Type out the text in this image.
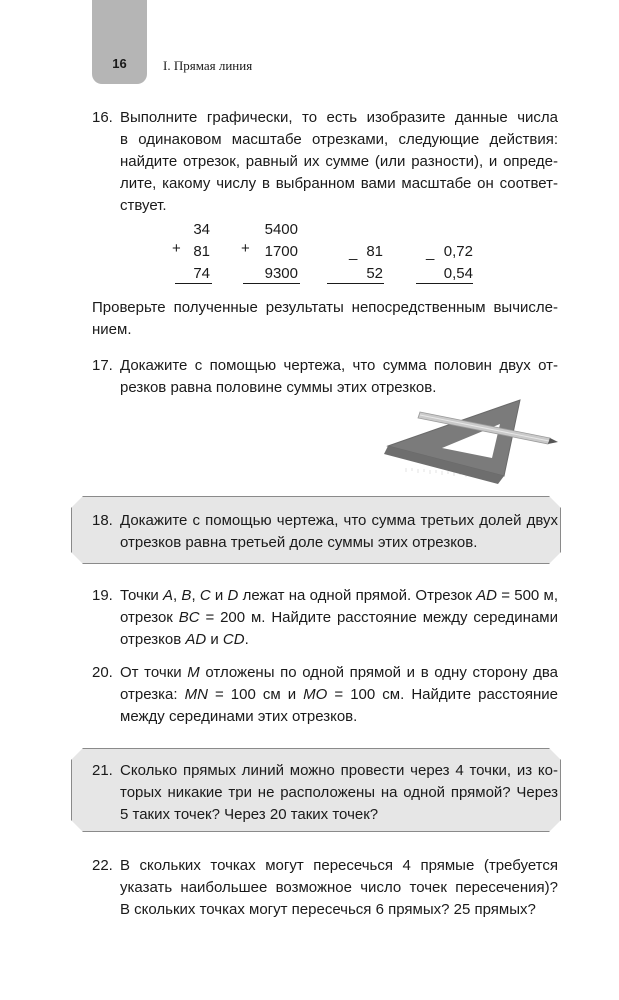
16	I. Прямая линия
16. Выполните графически, то есть изобразите данные числа
в одинаковом масштабе отрезками, следующие действия:
найдите отрезок, равный их сумме (или разности), и опреде-
лите, какому числу в выбранном вами масштабе он соответ-
ствует.
+
34
81
74
+
5400
1700
9300
_ 81
52
_ 0,72
0,54
Проверьте полученные результаты непосредственным вычисле-
нием.
17. Докажите с помощью чертежа, что сумма половин двух от-
резков равна половине суммы этих отрезков.
18. Докажите с помощью чертежа, что сумма третьих долей двух
отрезков равна третьей доле суммы этих отрезков.
19. Точки A, B, C и D лежат на одной прямой. Отрезок AD = 500 м,
отрезок BC = 200 м. Найдите расстояние между серединами
отрезков AD и CD.
20. От точки M отложены по одной прямой и в одну сторону два
отрезка: MN = 100 см и MO = 100 см. Найдите расстояние
между серединами этих отрезков.
21. Сколько прямых линий можно провести через 4 точки, из ко-
торых никакие три не расположены на одной прямой? Через
5 таких точек? Через 20 таких точек?
22. В скольких точках могут пересечься 4 прямые (требуется
указать наибольшее возможное число точек пересечения)?
В скольких точках могут пересечься 6 прямых? 25 прямых?
